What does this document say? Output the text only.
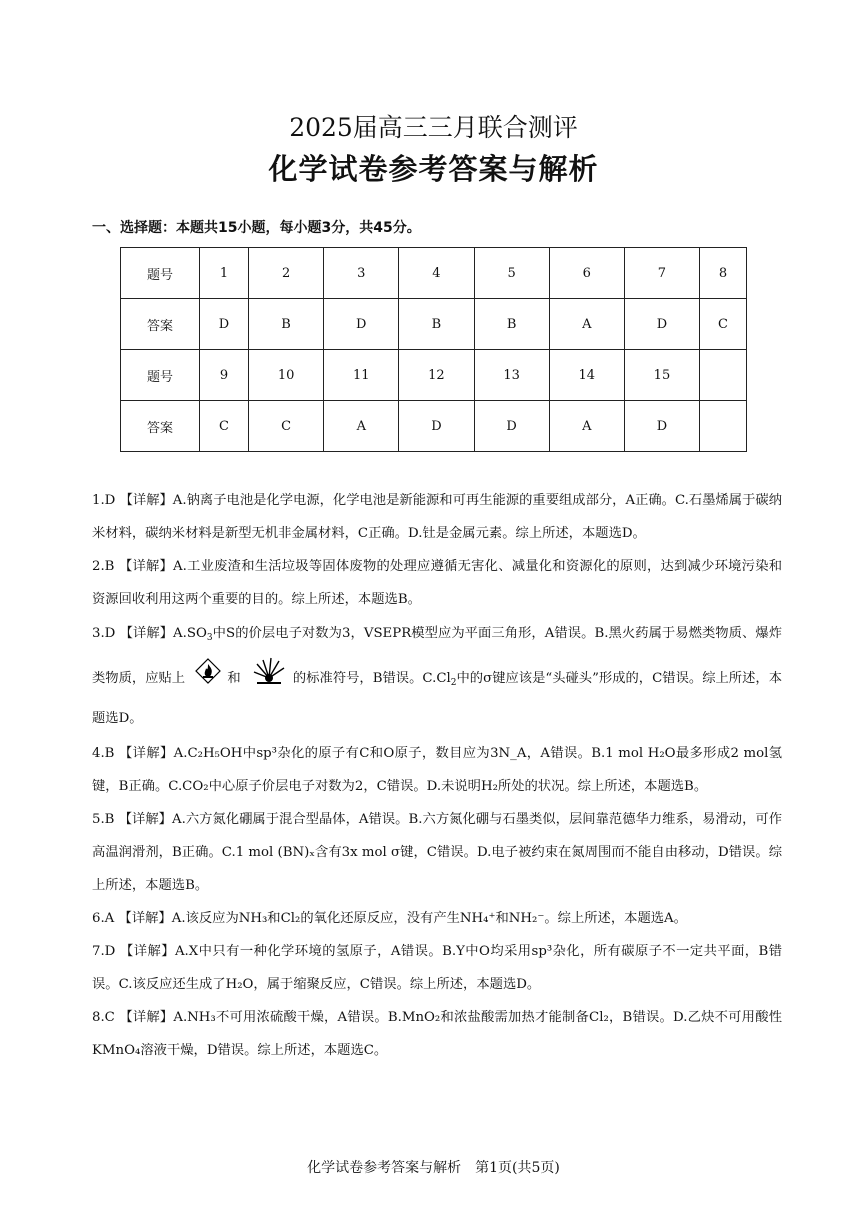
2025届高三三月联合测评
化学试卷参考答案与解析
一、选择题：本题共15小题，每小题3分，共45分。
题号	1	2	3	4	5	6	7	8
答案	D	B	D	B	B	A	D	C
题号	9	10	11	12	13	14	15	
答案	C	C	A	D	D	A	D	
1.D 【详解】A.钠离子电池是化学电源，化学电池是新能源和可再生能源的重要组成部分，A正确。C.石墨烯属于碳纳米材料，碳纳米材料是新型无机非金属材料，C正确。D.钍是金属元素。综上所述，本题选D。
2.B 【详解】A.工业废渣和生活垃圾等固体废物的处理应遵循无害化、减量化和资源化的原则，达到减少环境污染和资源回收利用这两个重要的目的。综上所述，本题选B。
3.D 【详解】$A.SO_3$中S的价层电子对数为3，VSEPR模型应为平面三角形，A错误。B.黑火药属于易燃类物质、爆炸类物质，应贴上	和	的标准符号，B错误。$C.Cl_2$中的σ键应该是“头碰头”形成的，C错误。综上所述，本题选D。
4.B 【详解】A.C₂H₅OH中sp³杂化的原子有C和O原子，数目应为3N_A，A错误。B.1 mol H₂O最多形成2 mol氢键，B正确。C.CO₂中心原子价层电子对数为2，C错误。D.未说明H₂所处的状况。综上所述，本题选B。
5.B 【详解】A.六方氮化硼属于混合型晶体，A错误。B.六方氮化硼与石墨类似，层间靠范德华力维系，易滑动，可作高温润滑剂，B正确。C.1 mol (BN)ₓ含有3x mol σ键，C错误。D.电子被约束在氮周围而不能自由移动，D错误。综上所述，本题选B。
6.A 【详解】A.该反应为NH₃和Cl₂的氧化还原反应，没有产生NH₄⁺和NH₂⁻。综上所述，本题选A。
7.D 【详解】A.X中只有一种化学环境的氢原子，A错误。B.Y中O均采用sp³杂化，所有碳原子不一定共平面，B错误。C.该反应还生成了H₂O，属于缩聚反应，C错误。综上所述，本题选D。
8.C 【详解】A.NH₃不可用浓硫酸干燥，A错误。B.MnO₂和浓盐酸需加热才能制备Cl₂，B错误。D.乙炔不可用酸性KMnO₄溶液干燥，D错误。综上所述，本题选C。
化学试卷参考答案与解析　第1页(共5页)
